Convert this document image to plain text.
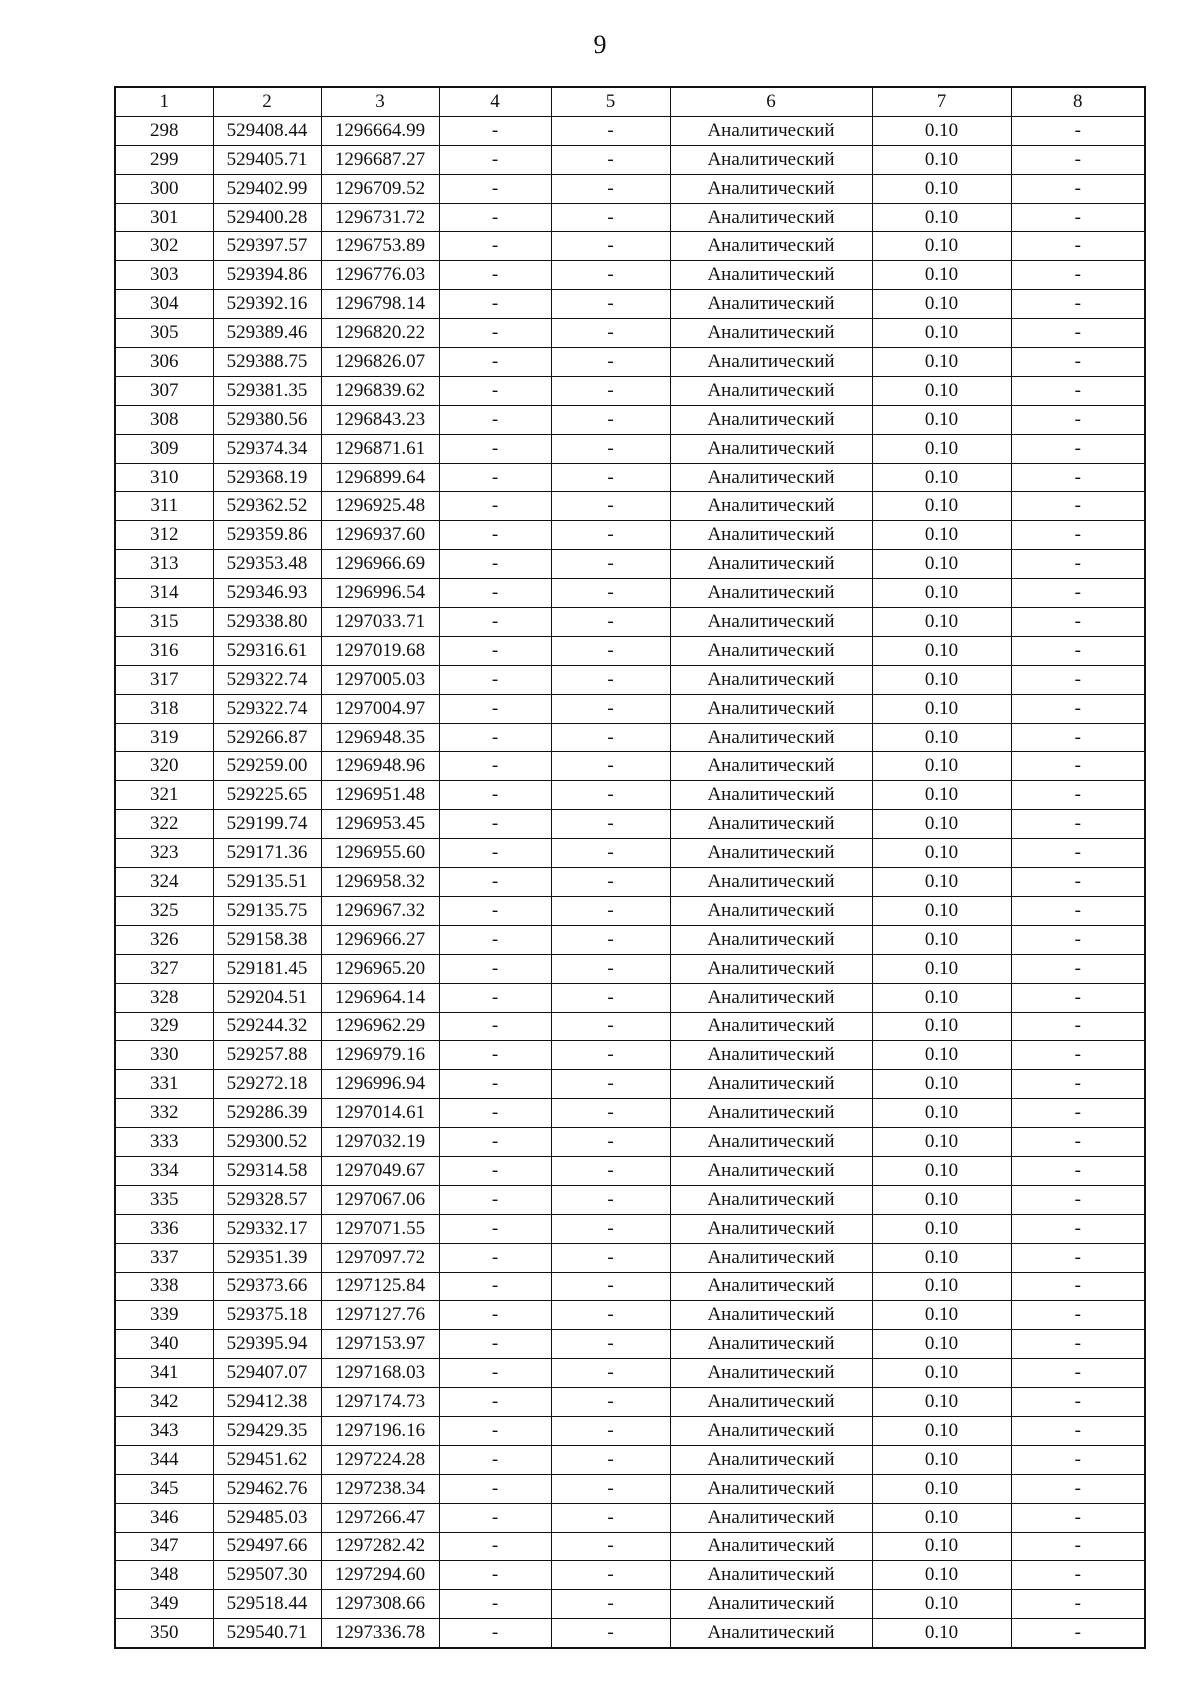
9
1	2	3	4	5	6	7	8
298	529408.44	1296664.99	-	-	Аналитический	0.10	-
299	529405.71	1296687.27	-	-	Аналитический	0.10	-
300	529402.99	1296709.52	-	-	Аналитический	0.10	-
301	529400.28	1296731.72	-	-	Аналитический	0.10	-
302	529397.57	1296753.89	-	-	Аналитический	0.10	-
303	529394.86	1296776.03	-	-	Аналитический	0.10	-
304	529392.16	1296798.14	-	-	Аналитический	0.10	-
305	529389.46	1296820.22	-	-	Аналитический	0.10	-
306	529388.75	1296826.07	-	-	Аналитический	0.10	-
307	529381.35	1296839.62	-	-	Аналитический	0.10	-
308	529380.56	1296843.23	-	-	Аналитический	0.10	-
309	529374.34	1296871.61	-	-	Аналитический	0.10	-
310	529368.19	1296899.64	-	-	Аналитический	0.10	-
311	529362.52	1296925.48	-	-	Аналитический	0.10	-
312	529359.86	1296937.60	-	-	Аналитический	0.10	-
313	529353.48	1296966.69	-	-	Аналитический	0.10	-
314	529346.93	1296996.54	-	-	Аналитический	0.10	-
315	529338.80	1297033.71	-	-	Аналитический	0.10	-
316	529316.61	1297019.68	-	-	Аналитический	0.10	-
317	529322.74	1297005.03	-	-	Аналитический	0.10	-
318	529322.74	1297004.97	-	-	Аналитический	0.10	-
319	529266.87	1296948.35	-	-	Аналитический	0.10	-
320	529259.00	1296948.96	-	-	Аналитический	0.10	-
321	529225.65	1296951.48	-	-	Аналитический	0.10	-
322	529199.74	1296953.45	-	-	Аналитический	0.10	-
323	529171.36	1296955.60	-	-	Аналитический	0.10	-
324	529135.51	1296958.32	-	-	Аналитический	0.10	-
325	529135.75	1296967.32	-	-	Аналитический	0.10	-
326	529158.38	1296966.27	-	-	Аналитический	0.10	-
327	529181.45	1296965.20	-	-	Аналитический	0.10	-
328	529204.51	1296964.14	-	-	Аналитический	0.10	-
329	529244.32	1296962.29	-	-	Аналитический	0.10	-
330	529257.88	1296979.16	-	-	Аналитический	0.10	-
331	529272.18	1296996.94	-	-	Аналитический	0.10	-
332	529286.39	1297014.61	-	-	Аналитический	0.10	-
333	529300.52	1297032.19	-	-	Аналитический	0.10	-
334	529314.58	1297049.67	-	-	Аналитический	0.10	-
335	529328.57	1297067.06	-	-	Аналитический	0.10	-
336	529332.17	1297071.55	-	-	Аналитический	0.10	-
337	529351.39	1297097.72	-	-	Аналитический	0.10	-
338	529373.66	1297125.84	-	-	Аналитический	0.10	-
339	529375.18	1297127.76	-	-	Аналитический	0.10	-
340	529395.94	1297153.97	-	-	Аналитический	0.10	-
341	529407.07	1297168.03	-	-	Аналитический	0.10	-
342	529412.38	1297174.73	-	-	Аналитический	0.10	-
343	529429.35	1297196.16	-	-	Аналитический	0.10	-
344	529451.62	1297224.28	-	-	Аналитический	0.10	-
345	529462.76	1297238.34	-	-	Аналитический	0.10	-
346	529485.03	1297266.47	-	-	Аналитический	0.10	-
347	529497.66	1297282.42	-	-	Аналитический	0.10	-
348	529507.30	1297294.60	-	-	Аналитический	0.10	-
349	529518.44	1297308.66	-	-	Аналитический	0.10	-
350	529540.71	1297336.78	-	-	Аналитический	0.10	-
